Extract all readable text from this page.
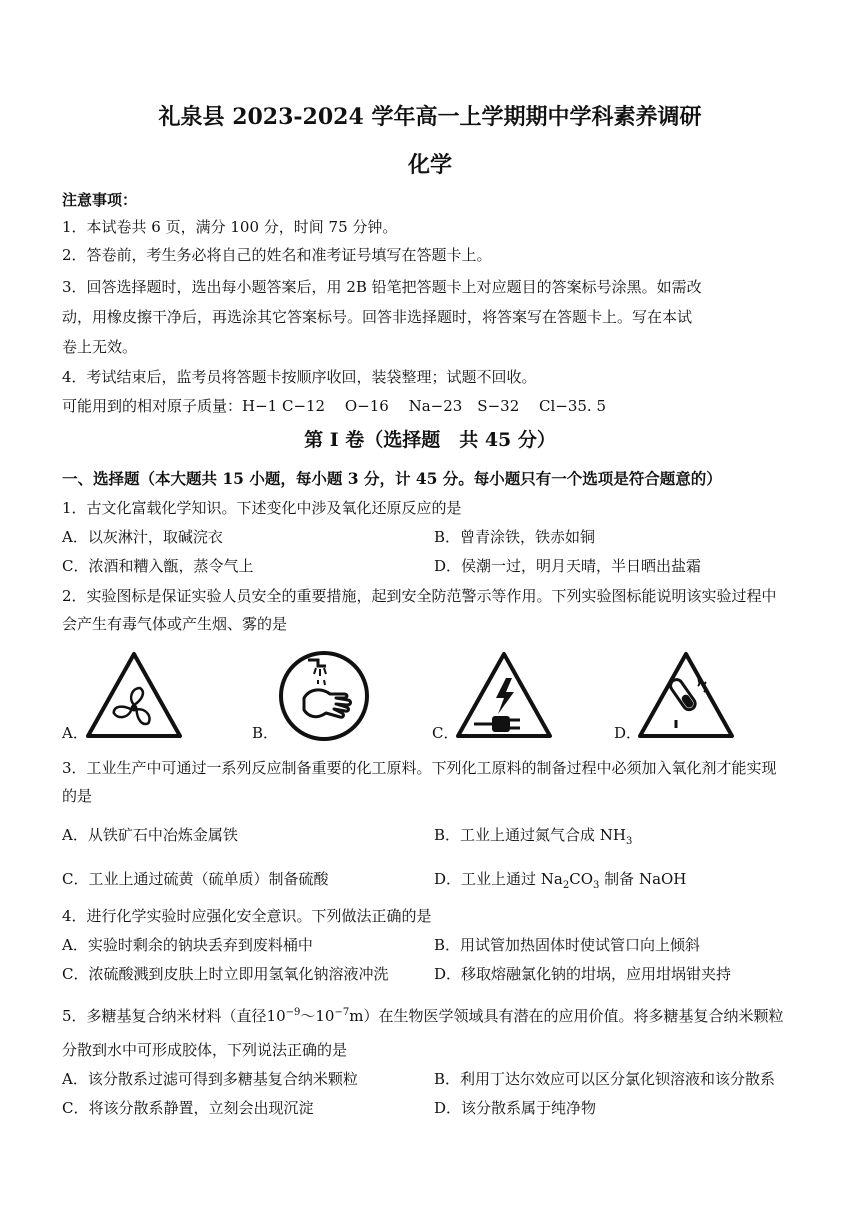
礼泉县 2023-2024 学年高一上学期期中学科素养调研
化学
注意事项：
1．本试卷共 6 页，满分 100 分，时间 75 分钟。
2．答卷前，考生务必将自己的姓名和准考证号填写在答题卡上。
3．回答选择题时，选出每小题答案后，用 2B 铅笔把答题卡上对应题目的答案标号涂黑。如需改
动，用橡皮擦干净后，再选涂其它答案标号。回答非选择题时，将答案写在答题卡上。写在本试
卷上无效。
4．考试结束后，监考员将答题卡按顺序收回，装袋整理；试题不回收。
可能用到的相对原子质量：H−1 C−12　 O−16　 Na−23　S−32　 Cl−35. 5
第 I 卷（选择题　共 45 分）
一、选择题（本大题共 15 小题，每小题 3 分，计 45 分。每小题只有一个选项是符合题意的）
1．古文化富载化学知识。下述变化中涉及氧化还原反应的是
A．以灰淋汁，取碱浣衣	B．曾青涂铁，铁赤如铜
C．浓酒和糟入甑，蒸令气上	D．侯潮一过，明月天晴，半日晒出盐霜
2．实验图标是保证实验人员安全的重要措施，起到安全防范警示等作用。下列实验图标能说明该实验过程中
会产生有毒气体或产生烟、雾的是
A．	B．	C．	D．
3．工业生产中可通过一系列反应制备重要的化工原料。下列化工原料的制备过程中必须加入氧化剂才能实现
的是
A．从铁矿石中冶炼金属铁	B．工业上通过氮气合成 $NH_3$
C．工业上通过硫黄（硫单质）制备硫酸	D．工业上通过 $Na_2CO_3$ 制备 NaOH
4．进行化学实验时应强化安全意识。下列做法正确的是
A．实验时剩余的钠块丢弃到废料桶中	B．用试管加热固体时使试管口向上倾斜
C．浓硫酸溅到皮肤上时立即用氢氧化钠溶液冲洗	D．移取熔融氯化钠的坩埚，应用坩埚钳夹持
5．多糖基复合纳米材料（直径$10^{-9}\sim 10^{-7}m$）在生物医学领域具有潜在的应用价值。将多糖基复合纳米颗粒
分散到水中可形成胶体，下列说法正确的是
A．该分散系过滤可得到多糖基复合纳米颗粒	B．利用丁达尔效应可以区分氯化钡溶液和该分散系
C．将该分散系静置，立刻会出现沉淀	D．该分散系属于纯净物
